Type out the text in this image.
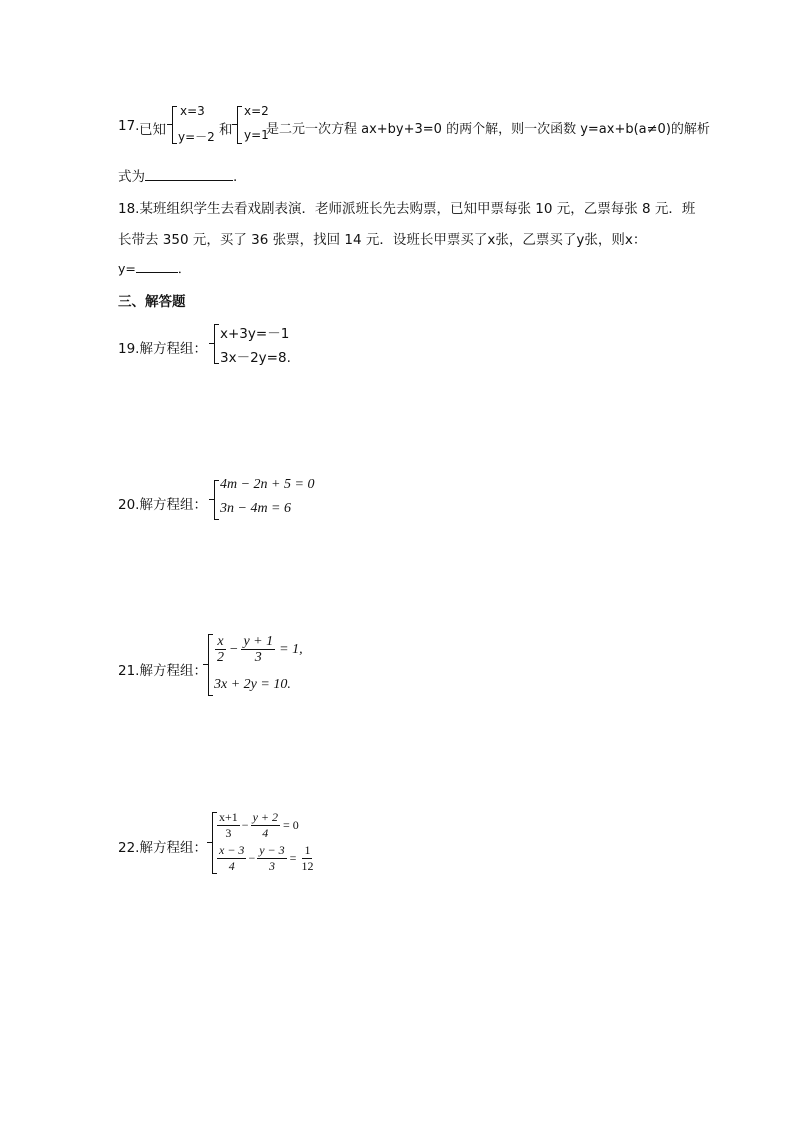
17. 已知
x=3
y=－2 和
x=2
y=1
是二元一次方程 ax+by+3=0 的两个解，则一次函数 y=ax+b(a≠0)的解析
式为	.
18.某班组织学生去看戏剧表演．老师派班长先去购票，已知甲票每张 10 元，乙票每张 8 元．班
长带去 350 元，买了 36 张票，找回 14 元．设班长甲票买了x张，乙票买了y张，则x：
y=	．
三、解答题
19.解方程组：
x+3y=－1
3x－2y=8.
20.解方程组：
4m − 2n + 5 = 0
3n − 4m = 6
21.解方程组：
$\frac{x}{2} - \frac{y + 1}{3} = 1$,
3x + 2y = 10.
22.解方程组：
$\frac{x+1}{3} - \frac{y + 2}{4} = 0$
$\frac{x - 3}{4} - \frac{y - 3}{3} = \frac{1}{12}$
